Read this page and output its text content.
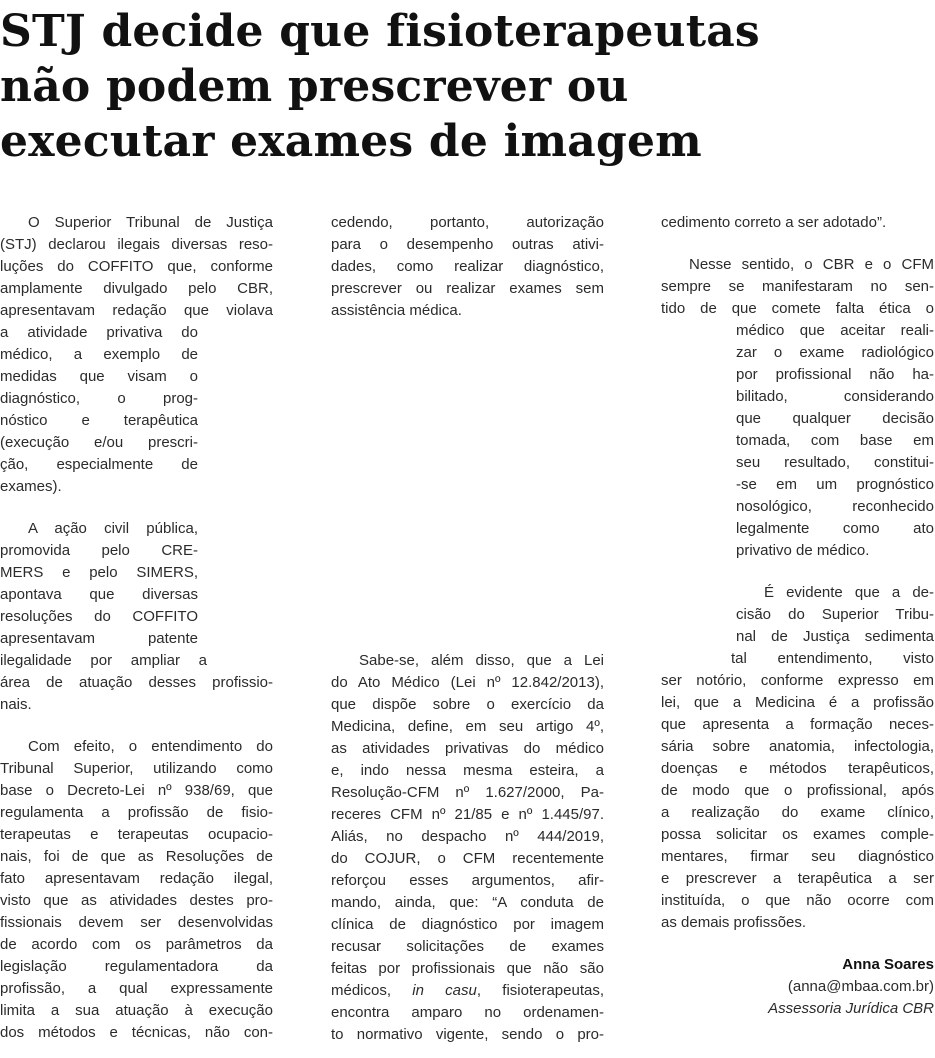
STJ decide que fisioterapeutas
não podem prescrever ou
executar exames de imagem

O Superior Tribunal de Justiça
(STJ) declarou ilegais diversas reso-
luções do COFFITO que, conforme
amplamente divulgado pelo CBR,
apresentavam redação que violava
a atividade privativa do
médico, a exemplo de
medidas que visam o
diagnóstico, o prog-
nóstico e terapêutica
(execução e/ou prescri-
ção, especialmente de
exames).

A ação civil pública,
promovida pelo CRE-
MERS e pelo SIMERS,
apontava que diversas
resoluções do COFFITO
apresentavam patente
ilegalidade por ampliar a
área de atuação desses profissio-
nais.

Com efeito, o entendimento do
Tribunal Superior, utilizando como
base o Decreto-Lei nº 938/69, que
regulamenta a profissão de fisio-
terapeutas e terapeutas ocupacio-
nais, foi de que as Resoluções de
fato apresentavam redação ilegal,
visto que as atividades destes pro-
fissionais devem ser desenvolvidas
de acordo com os parâmetros da
legislação regulamentadora da
profissão, a qual expressamente
limita a sua atuação à execução
dos métodos e técnicas, não con-

cedendo, portanto, autorização
para o desempenho outras ativi-
dades, como realizar diagnóstico,
prescrever ou realizar exames sem
assistência médica.

Sabe-se, além disso, que a Lei
do Ato Médico (Lei nº 12.842/2013),
que dispõe sobre o exercício da
Medicina, define, em seu artigo 4º,
as atividades privativas do médico
e, indo nessa mesma esteira, a
Resolução-CFM nº 1.627/2000, Pa-
receres CFM nº 21/85 e nº 1.445/97.
Aliás, no despacho nº 444/2019,
do COJUR, o CFM recentemente
reforçou esses argumentos, afir-
mando, ainda, que: “A conduta de
clínica de diagnóstico por imagem
recusar solicitações de exames
feitas por profissionais que não são
médicos, in casu, fisioterapeutas,
encontra amparo no ordenamen-
to normativo vigente, sendo o pro-

cedimento correto a ser adotado”.

Nesse sentido, o CBR e o CFM
sempre se manifestaram no sen-
tido de que comete falta ética o
médico que aceitar reali-
zar o exame radiológico
por profissional não ha-
bilitado, considerando
que qualquer decisão
tomada, com base em
seu resultado, constitui-
-se em um prognóstico
nosológico, reconhecido
legalmente como ato
privativo de médico.

É evidente que a de-
cisão do Superior Tribu-
nal de Justiça sedimenta
tal entendimento, visto
ser notório, conforme expresso em
lei, que a Medicina é a profissão
que apresenta a formação neces-
sária sobre anatomia, infectologia,
doenças e métodos terapêuticos,
de modo que o profissional, após
a realização do exame clínico,
possa solicitar os exames comple-
mentares, firmar seu diagnóstico
e prescrever a terapêutica a ser
instituída, o que não ocorre com
as demais profissões.

Anna Soares
(anna@mbaa.com.br)
Assessoria Jurídica CBR
